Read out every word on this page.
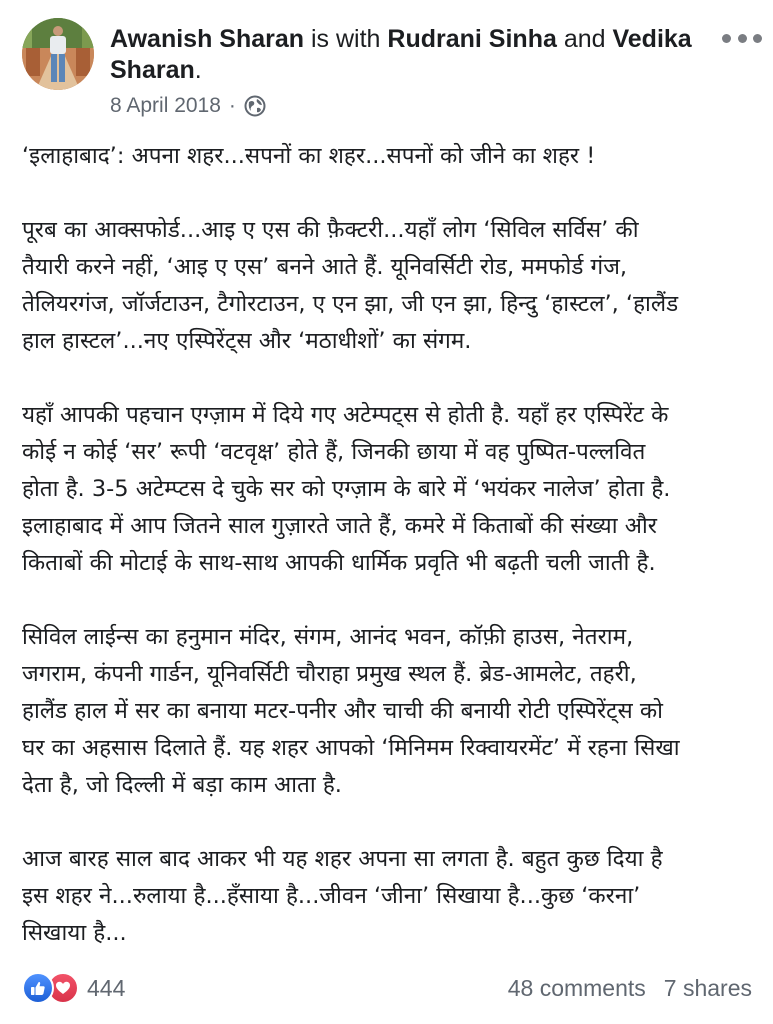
Awanish Sharan is with Rudrani Sinha and Vedika Sharan.
8 April 2018 ·

‘इलाहाबाद’: अपना शहर...सपनों का शहर...सपनों को जीने का शहर !

पूरब का आक्सफोर्ड...आइ ए एस की फ़ैक्टरी...यहाँ लोग ‘सिविल सर्विस’ की
तैयारी करने नहीं, ‘आइ ए एस’ बनने आते हैं. यूनिवर्सिटी रोड, ममफोर्ड गंज,
तेलियरगंज, जॉर्जटाउन, टैगोरटाउन, ए एन झा, जी एन झा, हिन्दु ‘हास्टल’, ‘हालैंड
हाल हास्टल’...नए एस्पिरेंट्स और ‘मठाधीशों’ का संगम.

यहाँ आपकी पहचान एग्ज़ाम में दिये गए अटेम्पट्स से होती है. यहाँ हर एस्पिरेंट के
कोई न कोई ‘सर’ रूपी ‘वटवृक्ष’ होते हैं, जिनकी छाया में वह पुष्पित-पल्लवित
होता है. 3-5 अटेम्प्टस दे चुके सर को एग्ज़ाम के बारे में ‘भयंकर नालेज’ होता है.
इलाहाबाद में आप जितने साल गुज़ारते जाते हैं, कमरे में किताबों की संख्या और
किताबों की मोटाई के साथ-साथ आपकी धार्मिक प्रवृति भी बढ़ती चली जाती है.

सिविल लाईन्स का हनुमान मंदिर, संगम, आनंद भवन, कॉफ़ी हाउस, नेतराम,
जगराम, कंपनी गार्डन, यूनिवर्सिटी चौराहा प्रमुख स्थल हैं. ब्रेड-आमलेट, तहरी,
हालैंड हाल में सर का बनाया मटर-पनीर और चाची की बनायी रोटी एस्पिरेंट्स को
घर का अहसास दिलाते हैं. यह शहर आपको ‘मिनिमम रिक्वायरमेंट’ में रहना सिखा
देता है, जो दिल्ली में बड़ा काम आता है.

आज बारह साल बाद आकर भी यह शहर अपना सा लगता है. बहुत कुछ दिया है
इस शहर ने...रुलाया है...हँसाया है...जीवन ‘जीना’ सिखाया है...कुछ ‘करना’
सिखाया है...

444	48 comments 7 shares
